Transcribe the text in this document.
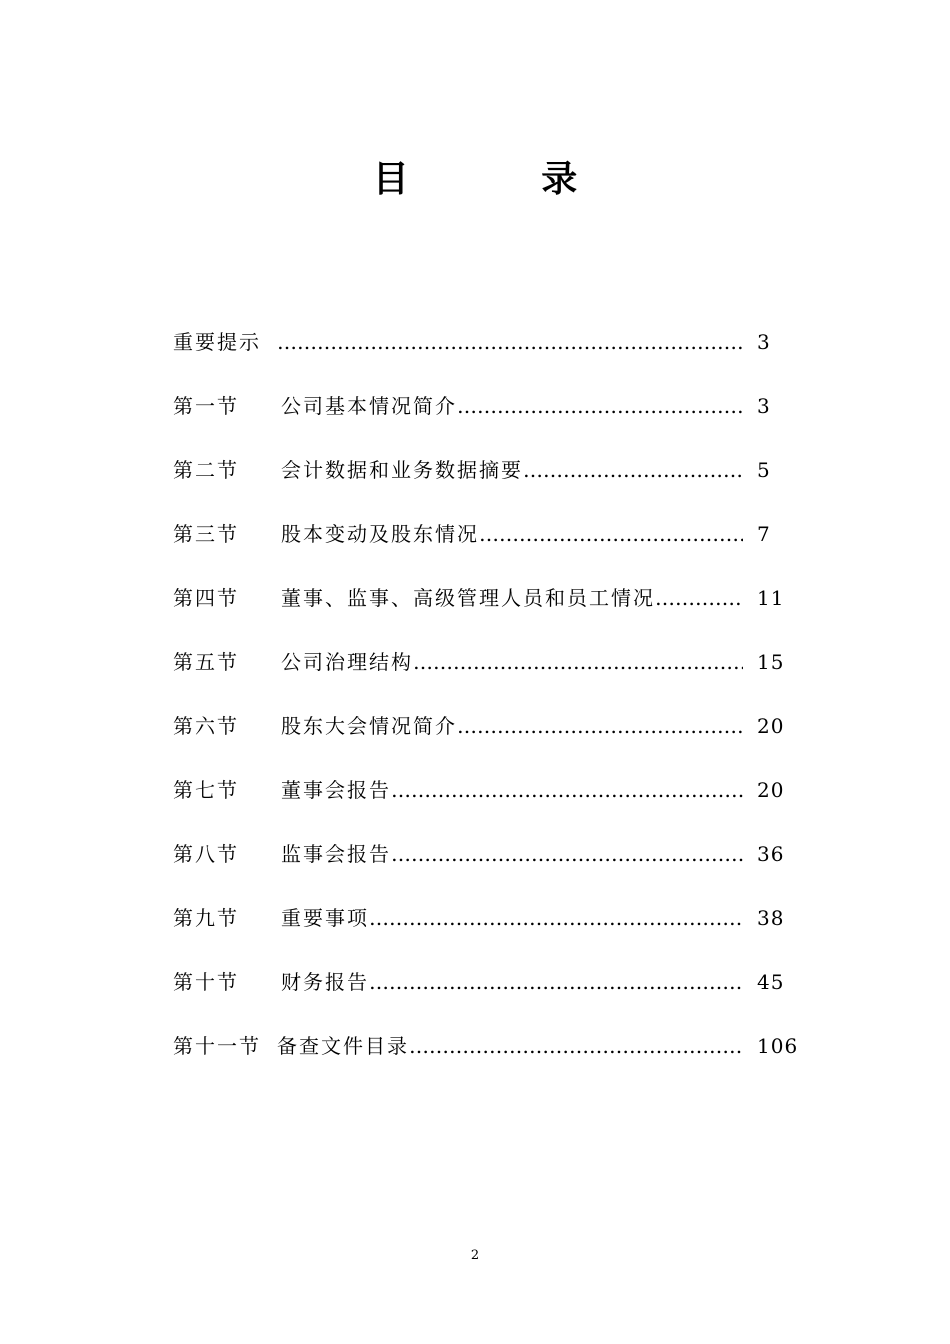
目 录
重要提示 …………………………………………………………………………………………………………	3
第一节	公司基本情况简介 …………………………………………………………………………………………………………	3
第二节	会计数据和业务数据摘要 …………………………………………………………………………………………………………	5
第三节	股本变动及股东情况 …………………………………………………………………………………………………………	7
第四节	董事、监事、高级管理人员和员工情况 …………………………………………………………………………………………………………	11
第五节	公司治理结构 …………………………………………………………………………………………………………	15
第六节	股东大会情况简介 …………………………………………………………………………………………………………	20
第七节	董事会报告 …………………………………………………………………………………………………………	20
第八节	监事会报告 …………………………………………………………………………………………………………	36
第九节	重要事项 …………………………………………………………………………………………………………	38
第十节	财务报告 …………………………………………………………………………………………………………	45
第十一节 备查文件目录 …………………………………………………………………………………………………………	106
2
